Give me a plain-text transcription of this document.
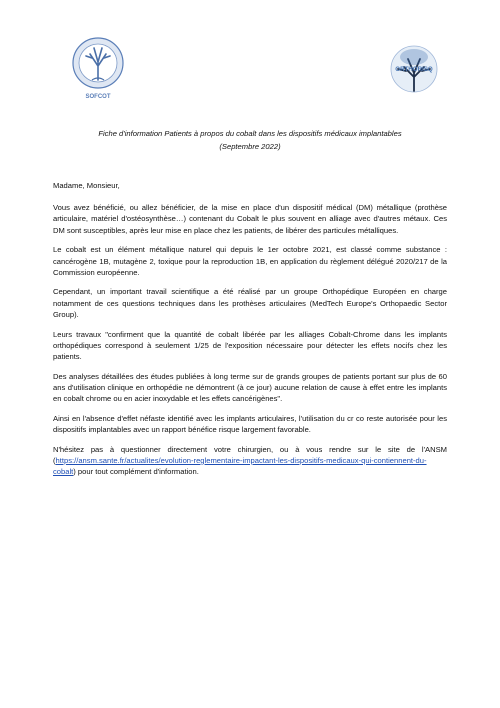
SOFCOT
ORTHORISQ
Fiche d'information Patients à propos du cobalt dans les dispositifs médicaux implantables
(Septembre 2022)

Madame, Monsieur,

Vous avez bénéficié, ou allez bénéficier, de la mise en place d'un dispositif médical (DM) métallique (prothèse articulaire, matériel d'ostéosynthèse…) contenant du Cobalt le plus souvent en alliage avec d'autres métaux. Ces DM sont susceptibles, après leur mise en place chez les patients, de libérer des particules métalliques.

Le cobalt est un élément métallique naturel qui depuis le 1er octobre 2021, est classé comme substance : cancérogène 1B, mutagène 2, toxique pour la reproduction 1B, en application du règlement délégué 2020/217 de la Commission européenne.

Cependant, un important travail scientifique a été réalisé par un groupe Orthopédique Européen en charge notamment de ces questions techniques dans les prothèses articulaires (MedTech Europe's Orthopaedic Sector Group).

Leurs travaux "confirment que la quantité de cobalt libérée par les alliages Cobalt-Chrome dans les implants orthopédiques correspond à seulement 1/25 de l'exposition nécessaire pour détecter les effets nocifs chez les patients.

Des analyses détaillées des études publiées à long terme sur de grands groupes de patients portant sur plus de 60 ans d'utilisation clinique en orthopédie ne démontrent (à ce jour) aucune relation de cause à effet entre les implants en cobalt chrome ou en acier inoxydable et les effets cancérigènes".

Ainsi en l'absence d'effet néfaste identifié avec les implants articulaires, l'utilisation du cr co reste autorisée pour les dispositifs implantables avec un rapport bénéfice risque largement favorable.

N'hésitez pas à questionner directement votre chirurgien, ou à vous rendre sur le site de l'ANSM (https://ansm.sante.fr/actualites/evolution-reglementaire-impactant-les-dispositifs-medicaux-qui-contiennent-du-cobalt) pour tout complément d'information.
